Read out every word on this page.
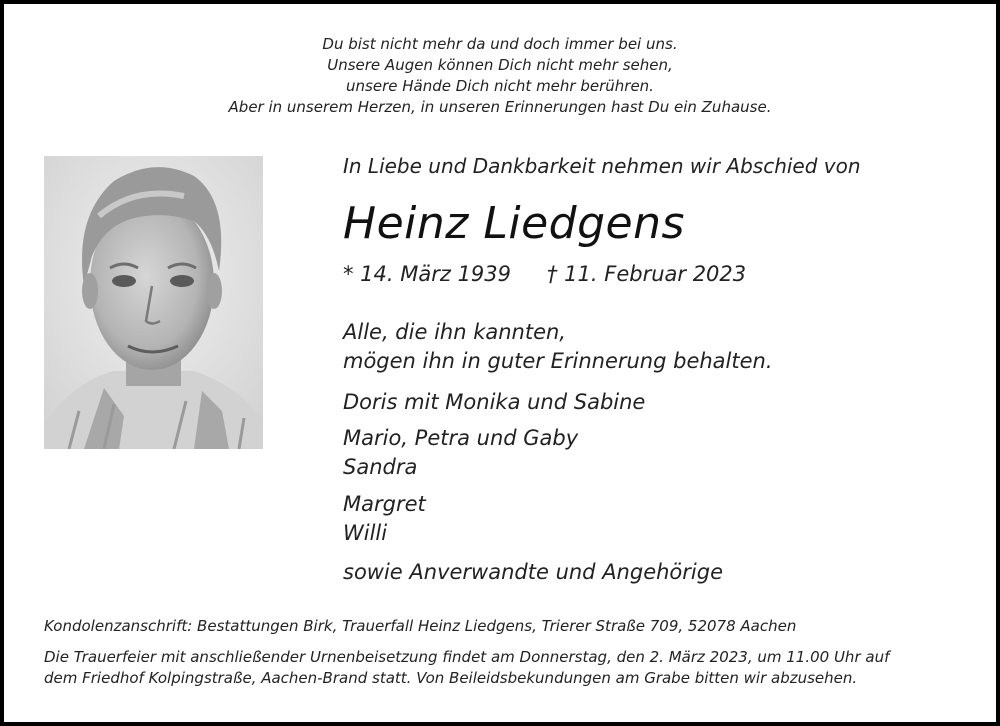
Du bist nicht mehr da und doch immer bei uns.
Unsere Augen können Dich nicht mehr sehen,
unsere Hände Dich nicht mehr berühren.
Aber in unserem Herzen, in unseren Erinnerungen hast Du ein Zuhause.
In Liebe und Dankbarkeit nehmen wir Abschied von
Heinz Liedgens
* 14. März 1939 † 11. Februar 2023
Alle, die ihn kannten,
mögen ihn in guter Erinnerung behalten.
Doris mit Monika und Sabine
Mario, Petra und Gaby
Sandra
Margret
Willi
sowie Anverwandte und Angehörige
Kondolenzanschrift: Bestattungen Birk, Trauerfall Heinz Liedgens, Trierer Straße 709, 52078 Aachen
Die Trauerfeier mit anschließender Urnenbeisetzung findet am Donnerstag, den 2. März 2023, um 11.00 Uhr auf
dem Friedhof Kolpingstraße, Aachen-Brand statt. Von Beileidsbekundungen am Grabe bitten wir abzusehen.
